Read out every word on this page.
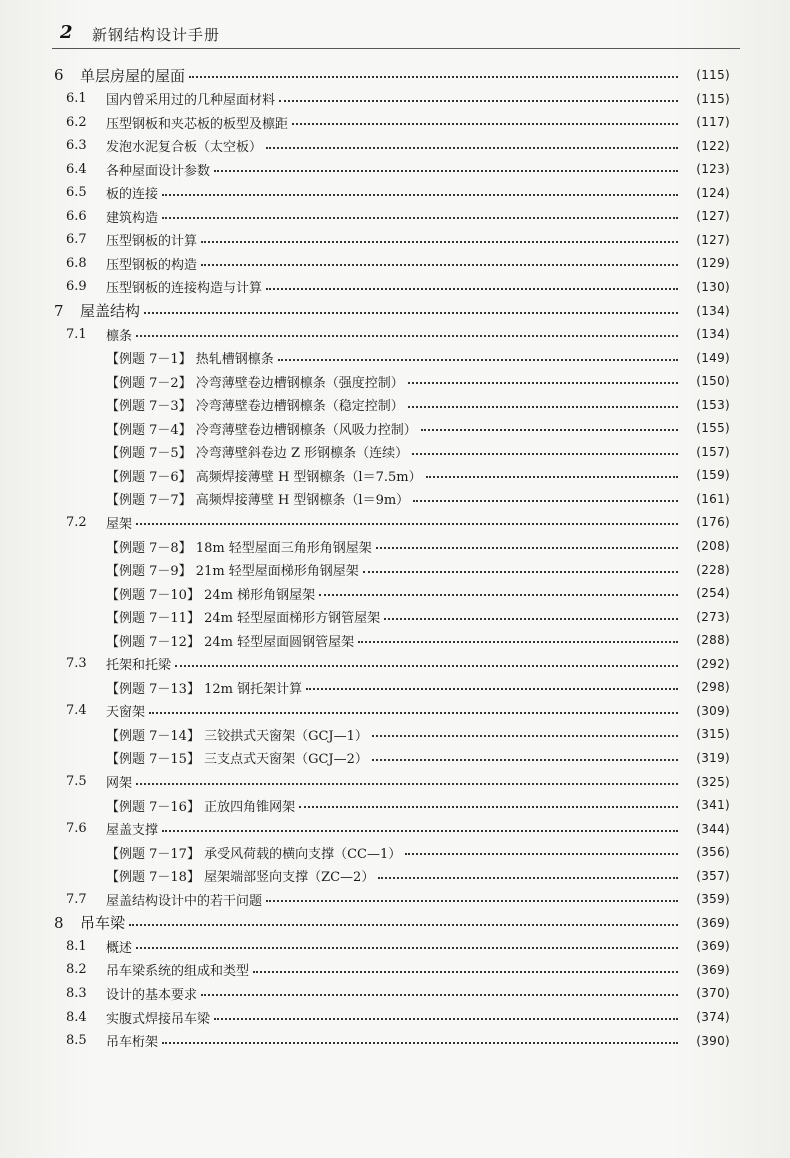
2 新钢结构设计手册
6	单层房屋的屋面	(115)
6.1	国内曾采用过的几种屋面材料	(115)
6.2	压型钢板和夹芯板的板型及檩距	(117)
6.3	发泡水泥复合板（太空板）	(122)
6.4	各种屋面设计参数	(123)
6.5	板的连接	(124)
6.6	建筑构造	(127)
6.7	压型钢板的计算	(127)
6.8	压型钢板的构造	(129)
6.9	压型钢板的连接构造与计算	(130)
7	屋盖结构	(134)
7.1	檩条	(134)
【例题 7－1】 热轧槽钢檩条	(149)
【例题 7－2】 冷弯薄壁卷边槽钢檩条（强度控制）	(150)
【例题 7－3】 冷弯薄壁卷边槽钢檩条（稳定控制）	(153)
【例题 7－4】 冷弯薄壁卷边槽钢檩条（风吸力控制）	(155)
【例题 7－5】 冷弯薄壁斜卷边 Z 形钢檩条（连续）	(157)
【例题 7－6】 高频焊接薄壁 H 型钢檩条（l＝7.5m）	(159)
【例题 7－7】 高频焊接薄壁 H 型钢檩条（l＝9m）	(161)
7.2	屋架	(176)
【例题 7－8】 18m 轻型屋面三角形角钢屋架	(208)
【例题 7－9】 21m 轻型屋面梯形角钢屋架	(228)
【例题 7－10】 24m 梯形角钢屋架	(254)
【例题 7－11】 24m 轻型屋面梯形方钢管屋架	(273)
【例题 7－12】 24m 轻型屋面圆钢管屋架	(288)
7.3	托架和托梁	(292)
【例题 7－13】 12m 钢托架计算	(298)
7.4	天窗架	(309)
【例题 7－14】 三铰拱式天窗架（GCJ—1）	(315)
【例题 7－15】 三支点式天窗架（GCJ—2）	(319)
7.5	网架	(325)
【例题 7－16】 正放四角锥网架	(341)
7.6	屋盖支撑	(344)
【例题 7－17】 承受风荷载的横向支撑（CC—1）	(356)
【例题 7－18】 屋架端部竖向支撑（ZC—2）	(357)
7.7	屋盖结构设计中的若干问题	(359)
8	吊车梁	(369)
8.1	概述	(369)
8.2	吊车梁系统的组成和类型	(369)
8.3	设计的基本要求	(370)
8.4	实腹式焊接吊车梁	(374)
8.5	吊车桁架	(390)
